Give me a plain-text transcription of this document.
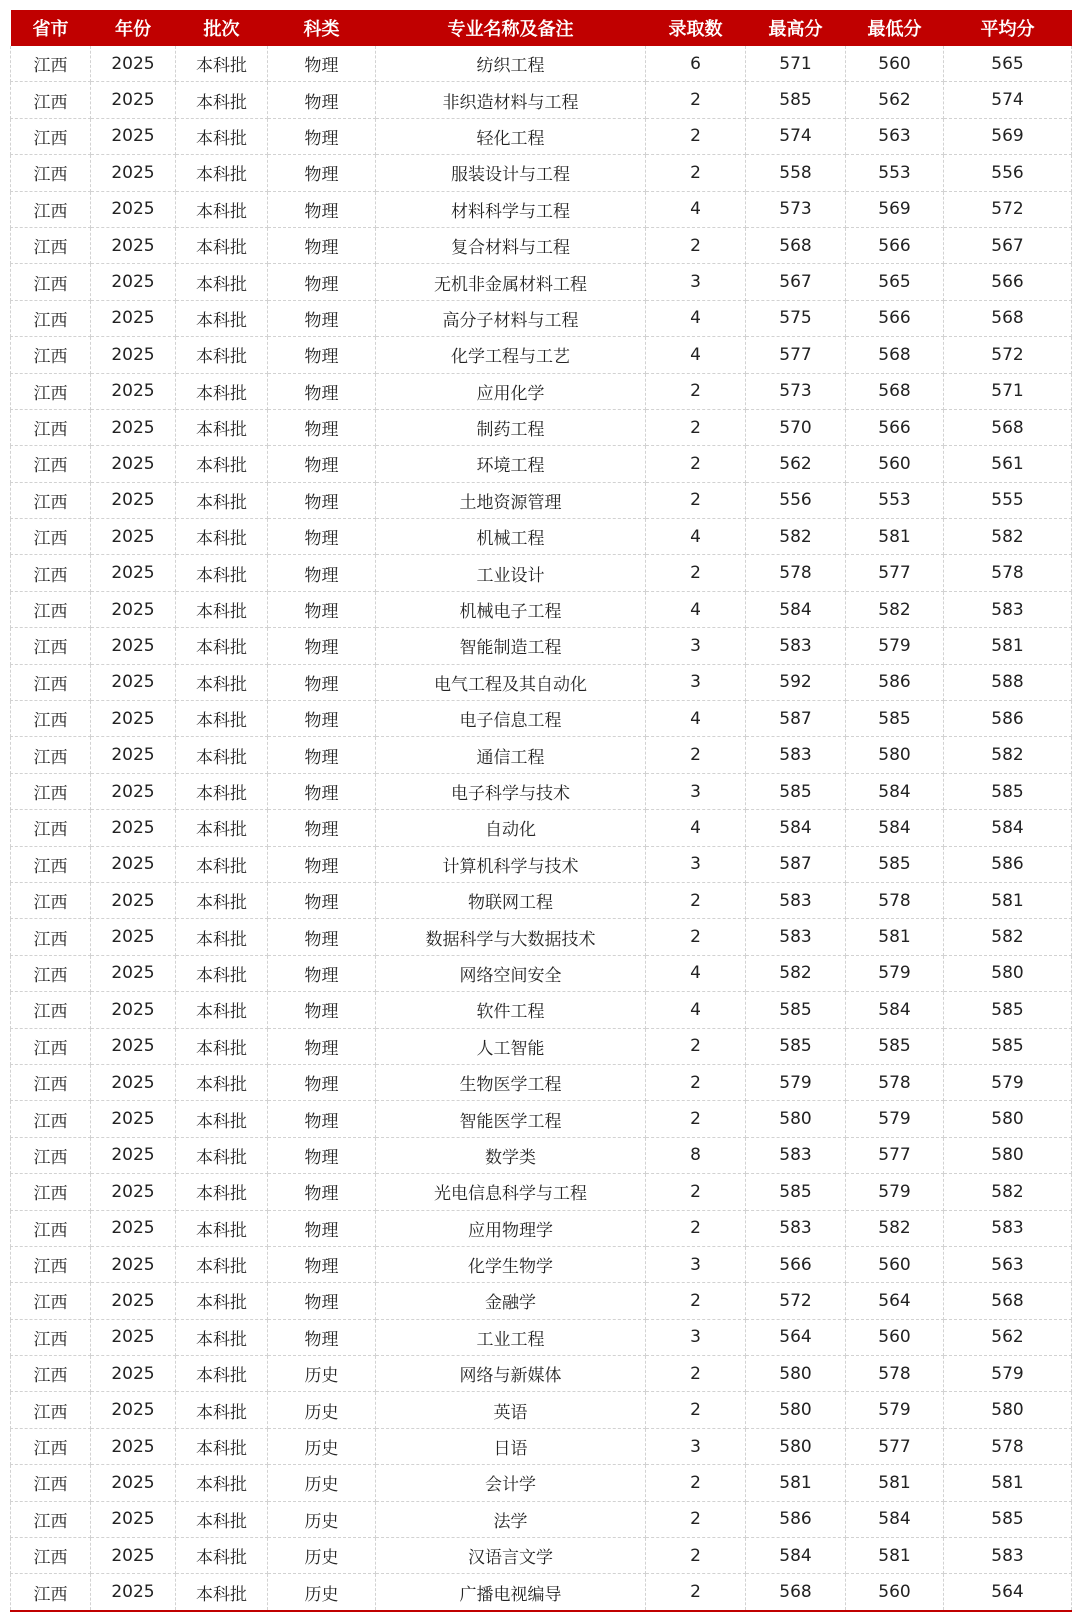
省市	年份	批次	科类	专业名称及备注	录取数	最高分	最低分	平均分
江西	2025	本科批	物理	纺织工程	6	571	560	565
江西	2025	本科批	物理	非织造材料与工程	2	585	562	574
江西	2025	本科批	物理	轻化工程	2	574	563	569
江西	2025	本科批	物理	服装设计与工程	2	558	553	556
江西	2025	本科批	物理	材料科学与工程	4	573	569	572
江西	2025	本科批	物理	复合材料与工程	2	568	566	567
江西	2025	本科批	物理	无机非金属材料工程	3	567	565	566
江西	2025	本科批	物理	高分子材料与工程	4	575	566	568
江西	2025	本科批	物理	化学工程与工艺	4	577	568	572
江西	2025	本科批	物理	应用化学	2	573	568	571
江西	2025	本科批	物理	制药工程	2	570	566	568
江西	2025	本科批	物理	环境工程	2	562	560	561
江西	2025	本科批	物理	土地资源管理	2	556	553	555
江西	2025	本科批	物理	机械工程	4	582	581	582
江西	2025	本科批	物理	工业设计	2	578	577	578
江西	2025	本科批	物理	机械电子工程	4	584	582	583
江西	2025	本科批	物理	智能制造工程	3	583	579	581
江西	2025	本科批	物理	电气工程及其自动化	3	592	586	588
江西	2025	本科批	物理	电子信息工程	4	587	585	586
江西	2025	本科批	物理	通信工程	2	583	580	582
江西	2025	本科批	物理	电子科学与技术	3	585	584	585
江西	2025	本科批	物理	自动化	4	584	584	584
江西	2025	本科批	物理	计算机科学与技术	3	587	585	586
江西	2025	本科批	物理	物联网工程	2	583	578	581
江西	2025	本科批	物理	数据科学与大数据技术	2	583	581	582
江西	2025	本科批	物理	网络空间安全	4	582	579	580
江西	2025	本科批	物理	软件工程	4	585	584	585
江西	2025	本科批	物理	人工智能	2	585	585	585
江西	2025	本科批	物理	生物医学工程	2	579	578	579
江西	2025	本科批	物理	智能医学工程	2	580	579	580
江西	2025	本科批	物理	数学类	8	583	577	580
江西	2025	本科批	物理	光电信息科学与工程	2	585	579	582
江西	2025	本科批	物理	应用物理学	2	583	582	583
江西	2025	本科批	物理	化学生物学	3	566	560	563
江西	2025	本科批	物理	金融学	2	572	564	568
江西	2025	本科批	物理	工业工程	3	564	560	562
江西	2025	本科批	历史	网络与新媒体	2	580	578	579
江西	2025	本科批	历史	英语	2	580	579	580
江西	2025	本科批	历史	日语	3	580	577	578
江西	2025	本科批	历史	会计学	2	581	581	581
江西	2025	本科批	历史	法学	2	586	584	585
江西	2025	本科批	历史	汉语言文学	2	584	581	583
江西	2025	本科批	历史	广播电视编导	2	568	560	564
